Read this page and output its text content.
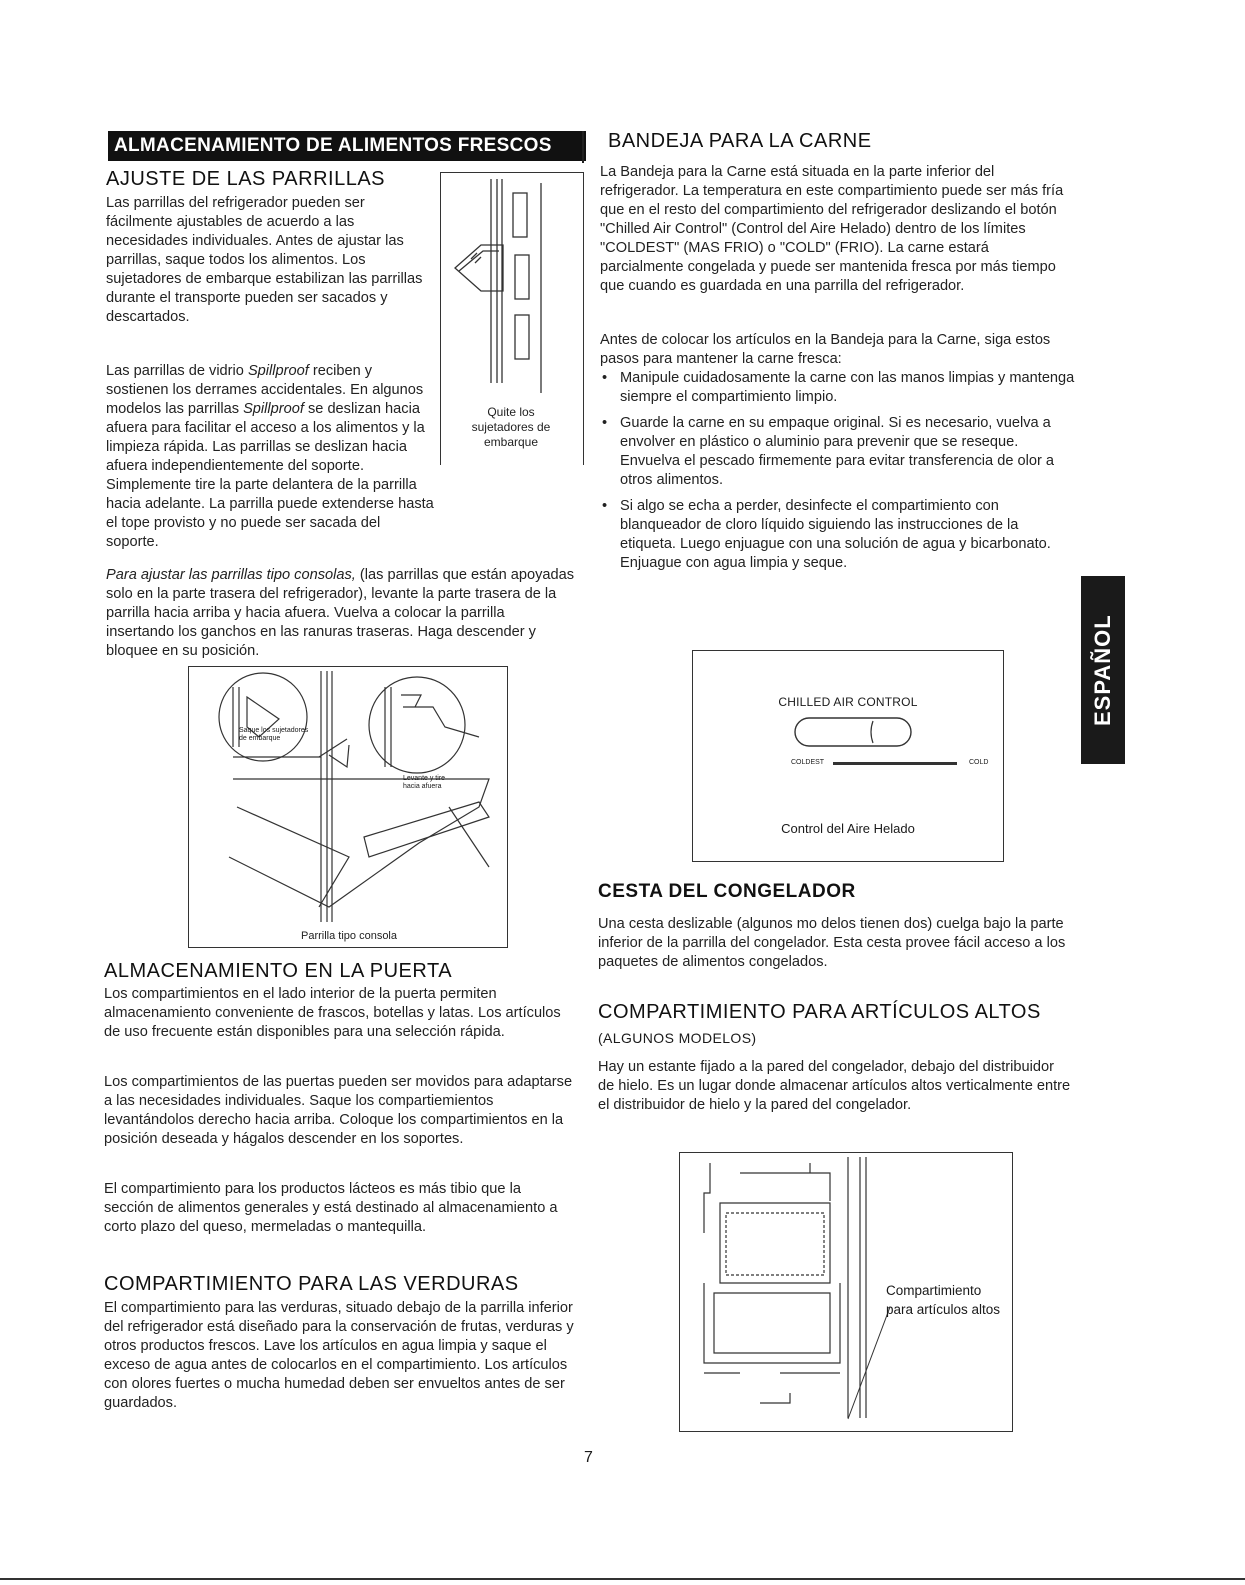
ALMACENAMIENTO DE ALIMENTOS FRESCOS
AJUSTE DE LAS PARRILLAS
Quite los sujetadores de embarque

Las parrillas del refrigerador pueden ser fácilmente ajustables de acuerdo a las necesidades individuales. Antes de ajustar las parrillas, saque todos los alimentos. Los sujetadores de embarque estabilizan las parrillas durante el transporte pueden ser sacados y descartados.

Las parrillas de vidrio Spillproof reciben y sostienen los derrames accidentales. En algunos modelos las parrillas Spillproof se deslizan hacia afuera para facilitar el acceso a los alimentos y la limpieza rápida. Las parrillas se deslizan hacia afuera independientemente del soporte. Simplemente tire la parte delantera de la parrilla hacia adelante. La parrilla puede extenderse hasta el tope provisto y no puede ser sacada del soporte.

Para ajustar las parrillas tipo consolas, (las parrillas que están apoyadas solo en la parte trasera del refrigerador), levante la parte trasera de la parrilla hacia arriba y hacia afuera. Vuelva a colocar la parrilla insertando los ganchos en las ranuras traseras. Haga descender y bloquee en su posición.

Saque los sujetadores de embarque
Levante y tire hacia afuera
Parrilla tipo consola
ALMACENAMIENTO EN LA PUERTA

Los compartimientos en el lado interior de la puerta permiten almacenamiento conveniente de frascos, botellas y latas. Los artículos de uso frecuente están disponibles para una selección rápida.

Los compartimientos de las puertas pueden ser movidos para adaptarse a las necesidades individuales. Saque los compartiemientos levantándolos derecho hacia arriba. Coloque los compartimientos en la posición deseada y hágalos descender en los soportes.

El compartimiento para los productos lácteos es más tibio que la sección de alimentos generales y está destinado al almacenamiento a corto plazo del queso, mermeladas o mantequilla.

COMPARTIMIENTO PARA LAS VERDURAS

El compartimiento para las verduras, situado debajo de la parrilla inferior del refrigerador está diseñado para la conservación de frutas, verduras y otros productos frescos. Lave los artículos en agua limpia y saque el exceso de agua antes de colocarlos en el compartimiento. Los artículos con olores fuertes o mucha humedad deben ser envueltos antes de ser guardados.

BANDEJA PARA LA CARNE

La Bandeja para la Carne está situada en la parte inferior del refrigerador. La temperatura en este compartimiento puede ser más fría que en el resto del compartimiento del refrigerador deslizando el botón "Chilled Air Control" (Control del Aire Helado) dentro de los límites "COLDEST" (MAS FRIO) o "COLD" (FRIO). La carne estará parcialmente congelada y puede ser mantenida fresca por más tiempo que cuando es guardada en una parrilla del refrigerador.

Antes de colocar los artículos en la Bandeja para la Carne, siga estos pasos para mantener la carne fresca:

• Manipule cuidadosamente la carne con las manos limpias y mantenga siempre el compartimiento limpio.

• Guarde la carne en su empaque original. Si es necesario, vuelva a envolver en plástico o aluminio para prevenir que se reseque. Envuelva el pescado firmemente para evitar transferencia de olor a otros alimentos.

• Si algo se echa a perder, desinfecte el compartimiento con blanqueador de cloro líquido siguiendo las instrucciones de la etiqueta. Luego enjuague con una solución de agua y bicarbonato. Enjuague con agua limpia y seque.

CHILLED AIR CONTROL
COLDEST	COLD
Control del Aire Helado
CESTA DEL CONGELADOR

Una cesta deslizable (algunos mo delos tienen dos) cuelga bajo la parte inferior de la parrilla del congelador. Esta cesta provee fácil acceso a los paquetes de alimentos congelados.

COMPARTIMIENTO PARA ARTÍCULOS ALTOS
(ALGUNOS MODELOS)

Hay un estante fijado a la pared del congelador, debajo del distribuidor de hielo. Es un lugar donde almacenar artículos altos verticalmente entre el distribuidor de hielo y la pared del congelador.

Compartimiento para artículos altos
ESPAÑOL
7
